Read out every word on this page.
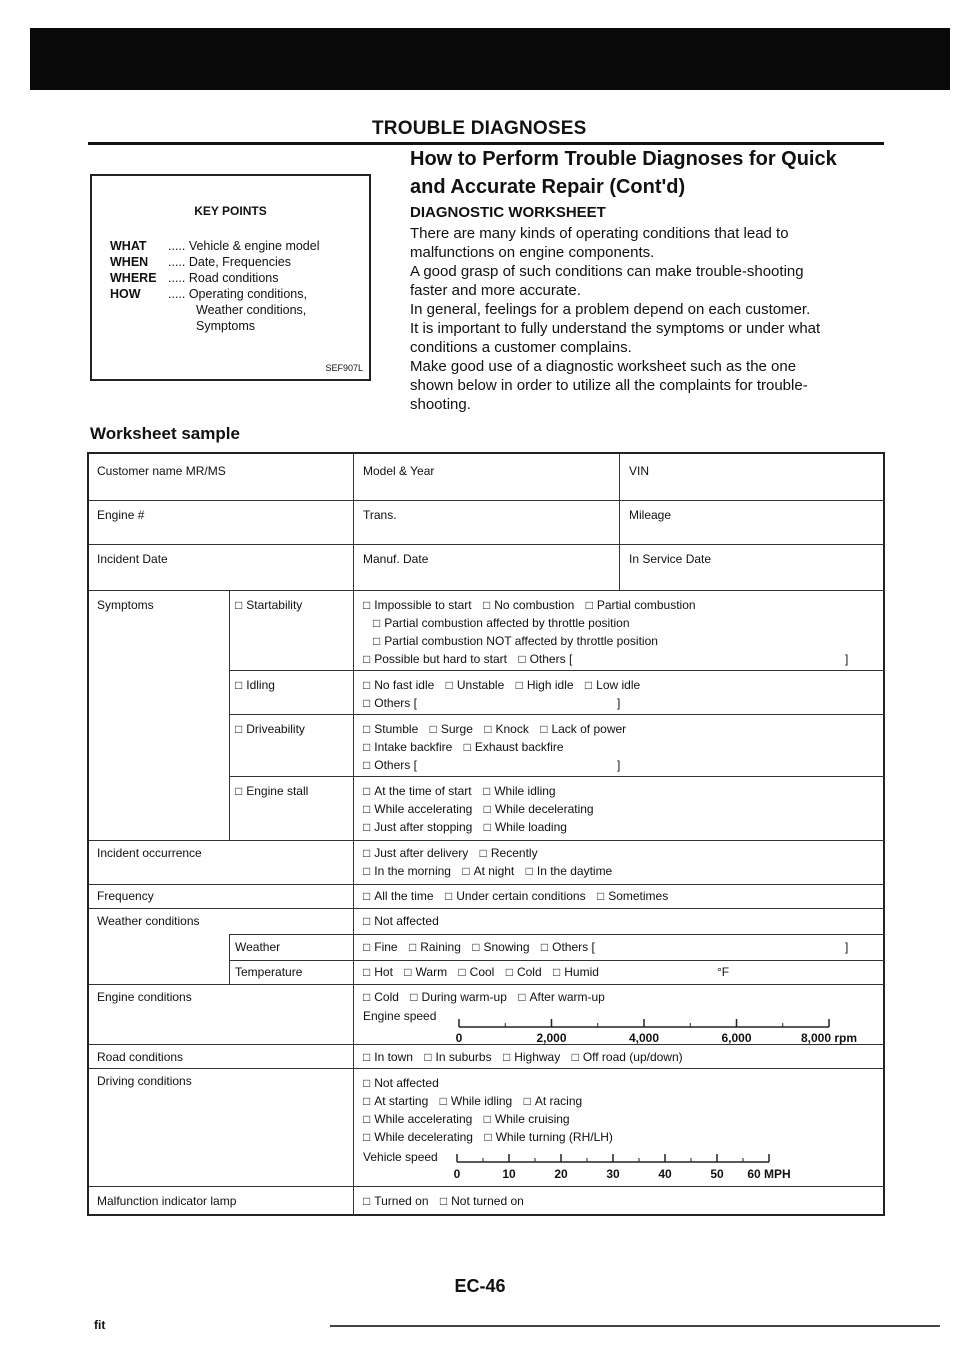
TROUBLE DIAGNOSES
How to Perform Trouble Diagnoses for Quick
and Accurate Repair (Cont'd)
KEY POINTS
WHAT ..... Vehicle & engine model
WHEN ..... Date, Frequencies
WHERE ..... Road conditions
HOW ..... Operating conditions,
Weather conditions,
Symptoms
SEF907L
DIAGNOSTIC WORKSHEET
There are many kinds of operating conditions that lead to
malfunctions on engine components.
A good grasp of such conditions can make trouble-shooting
faster and more accurate.
In general, feelings for a problem depend on each customer.
It is important to fully understand the symptoms or under what
conditions a customer complains.
Make good use of a diagnostic worksheet such as the one
shown below in order to utilize all the complaints for trouble-
shooting.
Worksheet sample
Customer name MR/MS	Model & Year	VIN
Engine #	Trans.	Mileage
Incident Date	Manuf. Date	In Service Date
Symptoms	□ Startability	□ Impossible to start □ No combustion □ Partial combustion
□ Partial combustion affected by throttle position
□ Partial combustion NOT affected by throttle position
□ Possible but hard to start □ Others [	]
□ Idling	□ No fast idle □ Unstable □ High idle □ Low idle
□ Others [	]
□ Driveability	□ Stumble □ Surge □ Knock □ Lack of power
□ Intake backfire □ Exhaust backfire
□ Others [	]
□ Engine stall	□ At the time of start □ While idling
□ While accelerating □ While decelerating
□ Just after stopping □ While loading
Incident occurrence	□ Just after delivery □ Recently
□ In the morning □ At night □ In the daytime
Frequency	□ All the time □ Under certain conditions □ Sometimes
Weather conditions	□ Not affected
Weather	□ Fine □ Raining □ Snowing □ Others [	]
Temperature	□ Hot □ Warm □ Cool □ Cold □ Humid	°F
Engine conditions	□ Cold □ During warm-up □ After warm-up
Engine speed
0	2,000	4,000	6,000	8,000 rpm
Road conditions	□ In town □ In suburbs □ Highway □ Off road (up/down)
Driving conditions	□ Not affected
□ At starting □ While idling □ At racing
□ While accelerating □ While cruising
□ While decelerating □ While turning (RH/LH)
Vehicle speed
0	10	20	30	40	50 60 MPH
Malfunction indicator lamp	□ Turned on □ Not turned on
EC-46
fit
